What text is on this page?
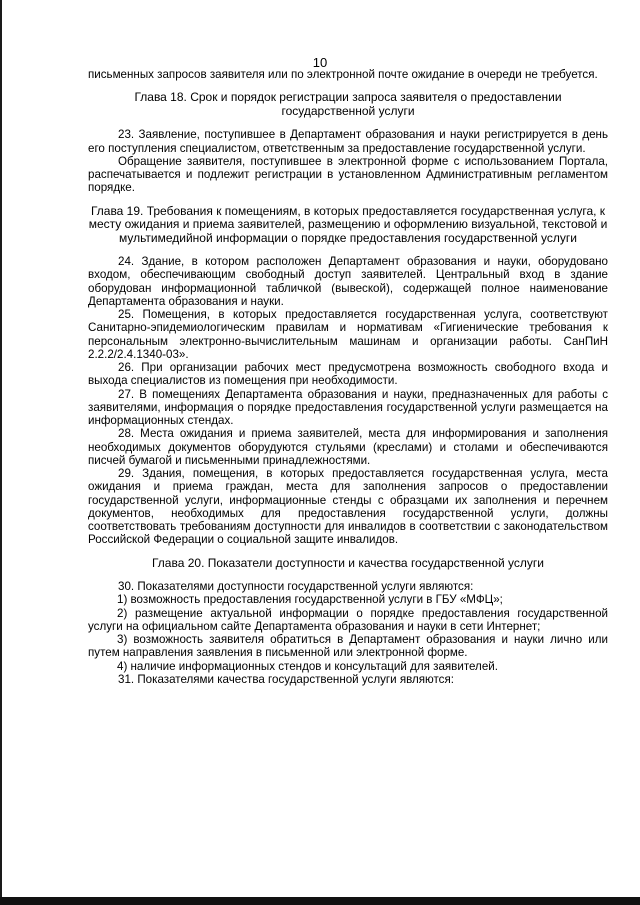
10

письменных запросов заявителя или по электронной почте ожидание в очереди не требуется.

Глава 18. Срок и порядок регистрации запроса заявителя о предоставлении государственной услуги

23. Заявление, поступившее в Департамент образования и науки регистрируется в день его поступления специалистом, ответственным за предоставление государственной услуги.

Обращение заявителя, поступившее в электронной форме с использованием Портала, распечатывается и подлежит регистрации в установленном Административным регламентом порядке.

Глава 19. Требования к помещениям, в которых предоставляется государственная услуга, к месту ожидания и приема заявителей, размещению и оформлению визуальной, текстовой и мультимедийной информации о порядке предоставления государственной услуги

24. Здание, в котором расположен Департамент образования и науки, оборудовано входом, обеспечивающим свободный доступ заявителей. Центральный вход в здание оборудован информационной табличкой (вывеской), содержащей полное наименование Департамента образования и науки.

25. Помещения, в которых предоставляется государственная услуга, соответствуют Санитарно-эпидемиологическим правилам и нормативам «Гигиенические требования к персональным электронно-вычислительным машинам и организации работы. СанПиН 2.2.2/2.4.1340-03».

26. При организации рабочих мест предусмотрена возможность свободного входа и выхода специалистов из помещения при необходимости.

27. В помещениях Департамента образования и науки, предназначенных для работы с заявителями, информация о порядке предоставления государственной услуги размещается на информационных стендах.

28. Места ожидания и приема заявителей, места для информирования и заполнения необходимых документов оборудуются стульями (креслами) и столами и обеспечиваются писчей бумагой и письменными принадлежностями.

29. Здания, помещения, в которых предоставляется государственная услуга, места ожидания и приема граждан, места для заполнения запросов о предоставлении государственной услуги, информационные стенды с образцами их заполнения и перечнем документов, необходимых для предоставления государственной услуги, должны соответствовать требованиям доступности для инвалидов в соответствии с законодательством Российской Федерации о социальной защите инвалидов.

Глава 20. Показатели доступности и качества государственной услуги

30. Показателями доступности государственной услуги являются:

1) возможность предоставления государственной услуги в ГБУ «МФЦ»;

2) размещение актуальной информации о порядке предоставления государственной услуги на официальном сайте Департамента образования и науки в сети Интернет;

3) возможность заявителя обратиться в Департамент образования и науки лично или путем направления заявления в письменной или электронной форме.

4) наличие информационных стендов и консультаций для заявителей.

31. Показателями качества государственной услуги являются:
